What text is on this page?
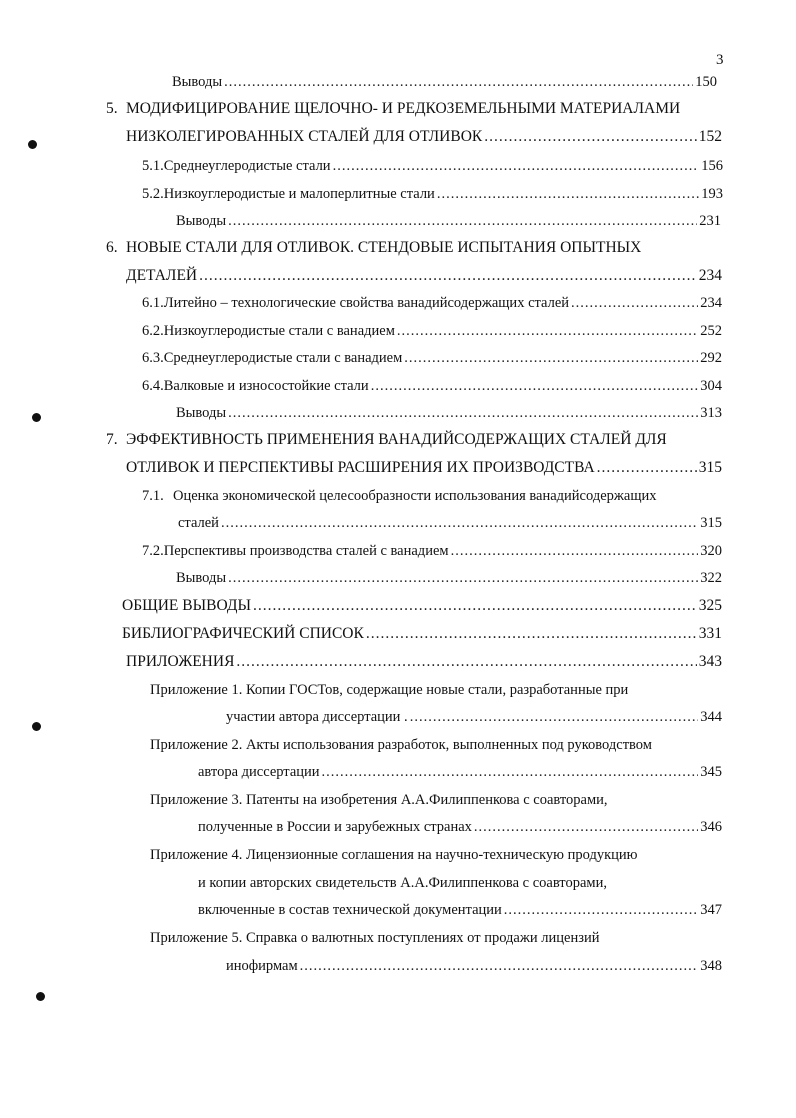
3
Выводы .....	150
5. МОДИФИЦИРОВАНИЕ ЩЕЛОЧНО- И РЕДКОЗЕМЕЛЬНЫМИ МАТЕРИАЛАМИ
НИЗКОЛЕГИРОВАННЫХ СТАЛЕЙ ДЛЯ ОТЛИВОК .....	152
5.1. Среднеуглеродистые стали .....	156
5.2. Низкоуглеродистые и малоперлитные стали .....	193
Выводы .....	231
6. НОВЫЕ СТАЛИ ДЛЯ ОТЛИВОК. СТЕНДОВЫЕ ИСПЫТАНИЯ ОПЫТНЫХ
ДЕТАЛЕЙ .....	234
6.1. Литейно – технологические свойства ванадийсодержащих сталей .....	234
6.2. Низкоуглеродистые стали с ванадием .....	252
6.3. Среднеуглеродистые стали с ванадием .....	292
6.4. Валковые и износостойкие стали .....	304
Выводы .....	313
7. ЭФФЕКТИВНОСТЬ ПРИМЕНЕНИЯ ВАНАДИЙСОДЕРЖАЩИХ СТАЛЕЙ ДЛЯ
ОТЛИВОК И ПЕРСПЕКТИВЫ РАСШИРЕНИЯ ИХ ПРОИЗВОДСТВА .....	315
7.1. Оценка экономической целесообразности использования ванадийсодержащих
сталей .....	315
7.2. Перспективы производства сталей с ванадием .....	320
Выводы .....	322
ОБЩИЕ ВЫВОДЫ .....	325
БИБЛИОГРАФИЧЕСКИЙ СПИСОК .....	331
ПРИЛОЖЕНИЯ .....	343
Приложение 1. Копии ГОСТов, содержащие новые стали, разработанные при
участии автора диссертации . .....	344
Приложение 2. Акты использования разработок, выполненных под руководством
автора диссертации .....	345
Приложение 3. Патенты на изобретения А.А.Филиппенкова с соавторами,
полученные в России и зарубежных странах .....	346
Приложение 4. Лицензионные соглашения на научно-техническую продукцию
и копии авторских свидетельств А.А.Филиппенкова с соавторами,
включенные в состав технической документации .....	347
Приложение 5. Справка о валютных поступлениях от продажи лицензий
инофирмам .....	348
